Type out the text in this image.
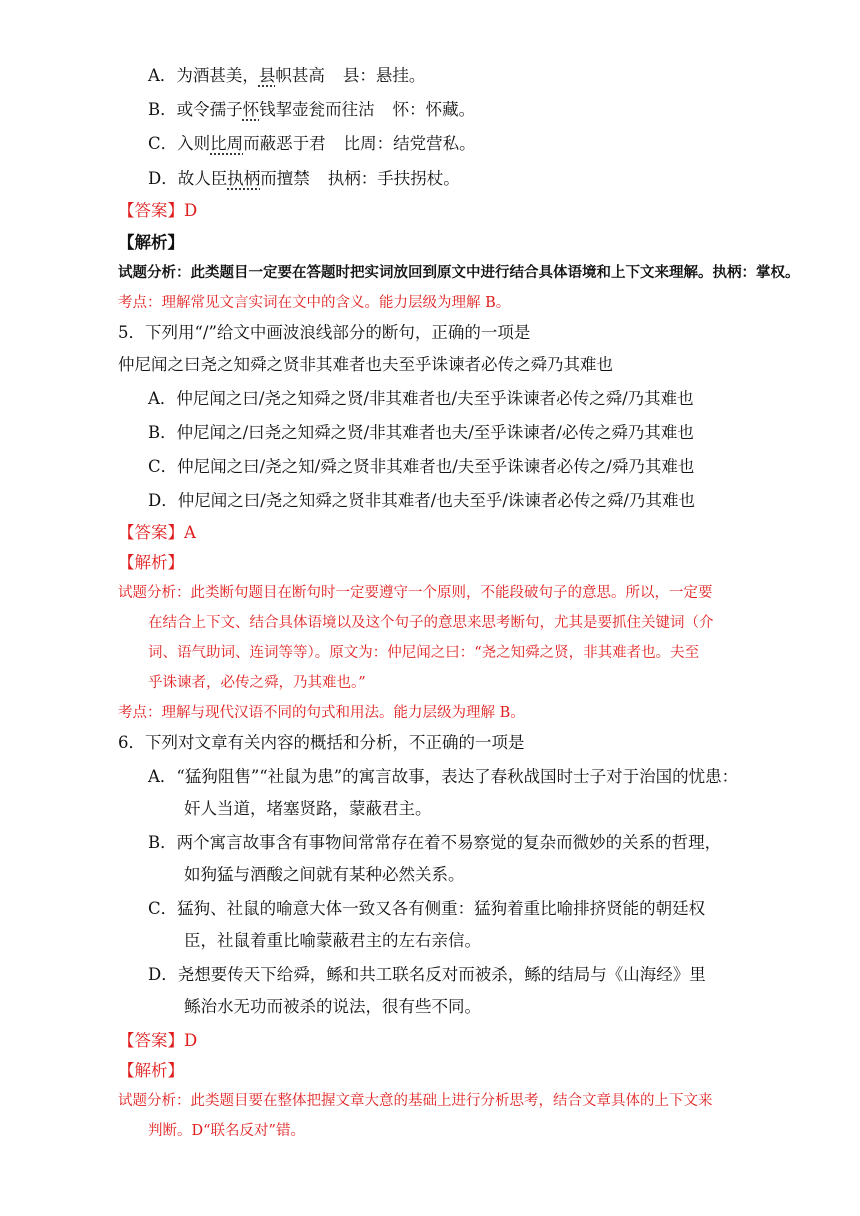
A．为酒甚美，县帜甚高 县：悬挂。
B．或令孺子怀钱挈壶瓮而往沽 怀：怀藏。
C．入则比周而蔽恶于君 比周：结党营私。
D．故人臣执柄而擅禁 执柄：手扶拐杖。
【答案】D
【解析】
试题分析：此类题目一定要在答题时把实词放回到原文中进行结合具体语境和上下文来理解。执柄：掌权。
考点：理解常见文言实词在文中的含义。能力层级为理解 B。
5．下列用“/”给文中画波浪线部分的断句，正确的一项是
仲尼闻之曰尧之知舜之贤非其难者也夫至乎诛谏者必传之舜乃其难也
A．仲尼闻之曰/尧之知舜之贤/非其难者也/夫至乎诛谏者必传之舜/乃其难也
B．仲尼闻之/曰尧之知舜之贤/非其难者也夫/至乎诛谏者/必传之舜乃其难也
C．仲尼闻之曰/尧之知/舜之贤非其难者也/夫至乎诛谏者必传之/舜乃其难也
D．仲尼闻之曰/尧之知舜之贤非其难者/也夫至乎/诛谏者必传之舜/乃其难也
【答案】A
【解析】
试题分析：此类断句题目在断句时一定要遵守一个原则，不能段破句子的意思。所以，一定要
在结合上下文、结合具体语境以及这个句子的意思来思考断句，尤其是要抓住关键词（介
词、语气助词、连词等等）。原文为：仲尼闻之曰：“尧之知舜之贤，非其难者也。夫至
乎诛谏者，必传之舜，乃其难也。”
考点：理解与现代汉语不同的句式和用法。能力层级为理解 B。
6．下列对文章有关内容的概括和分析，不正确的一项是
A．“猛狗阻售”“社鼠为患”的寓言故事，表达了春秋战国时士子对于治国的忧患：
奸人当道，堵塞贤路，蒙蔽君主。
B．两个寓言故事含有事物间常常存在着不易察觉的复杂而微妙的关系的哲理，
如狗猛与酒酸之间就有某种必然关系。
C．猛狗、社鼠的喻意大体一致又各有侧重：猛狗着重比喻排挤贤能的朝廷权
臣，社鼠着重比喻蒙蔽君主的左右亲信。
D．尧想要传天下给舜，鲧和共工联名反对而被杀，鲧的结局与《山海经》里
鲧治水无功而被杀的说法，很有些不同。
【答案】D
【解析】
试题分析：此类题目要在整体把握文章大意的基础上进行分析思考，结合文章具体的上下文来
判断。D“联名反对”错。
